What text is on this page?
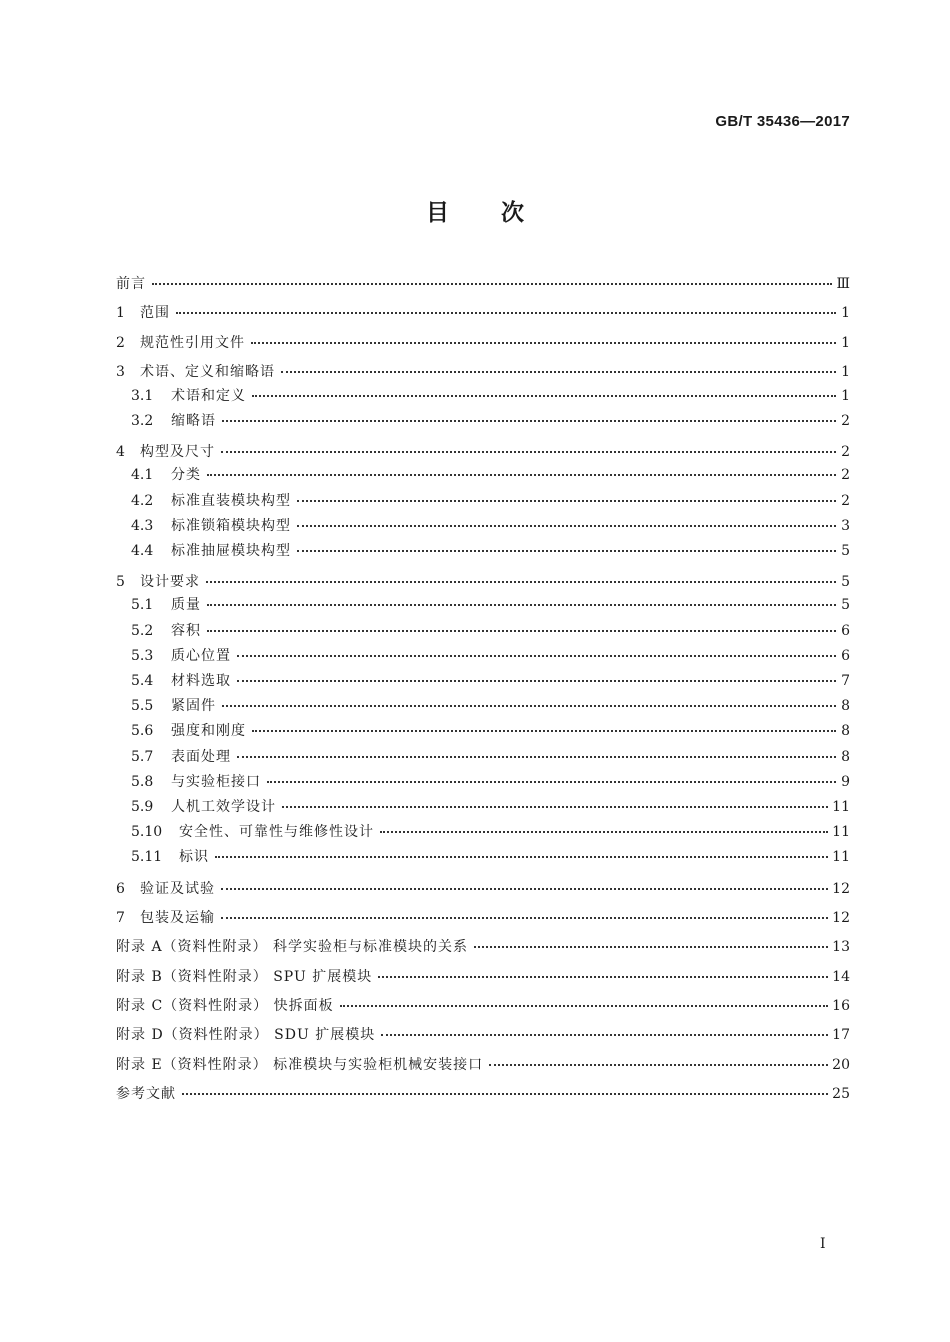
GB/T 35436—2017
目次
前言	Ⅲ
1	范围	1
2	规范性引用文件	1
3	术语、定义和缩略语	1
3.1	术语和定义	1
3.2	缩略语	2
4	构型及尺寸	2
4.1	分类	2
4.2	标准直装模块构型	2
4.3	标准锁箱模块构型	3
4.4	标准抽屉模块构型	5
5	设计要求	5
5.1	质量	5
5.2	容积	6
5.3	质心位置	6
5.4	材料选取	7
5.5	紧固件	8
5.6	强度和刚度	8
5.7	表面处理	8
5.8	与实验柜接口	9
5.9	人机工效学设计	11
5.10	安全性、可靠性与维修性设计	11
5.11	标识	11
6	验证及试验	12
7	包装及运输	12
附录 A（资料性附录） 科学实验柜与标准模块的关系	13
附录 B（资料性附录） SPU 扩展模块	14
附录 C（资料性附录） 快拆面板	16
附录 D（资料性附录） SDU 扩展模块	17
附录 E（资料性附录） 标准模块与实验柜机械安装接口	20
参考文献	25
Ⅰ
